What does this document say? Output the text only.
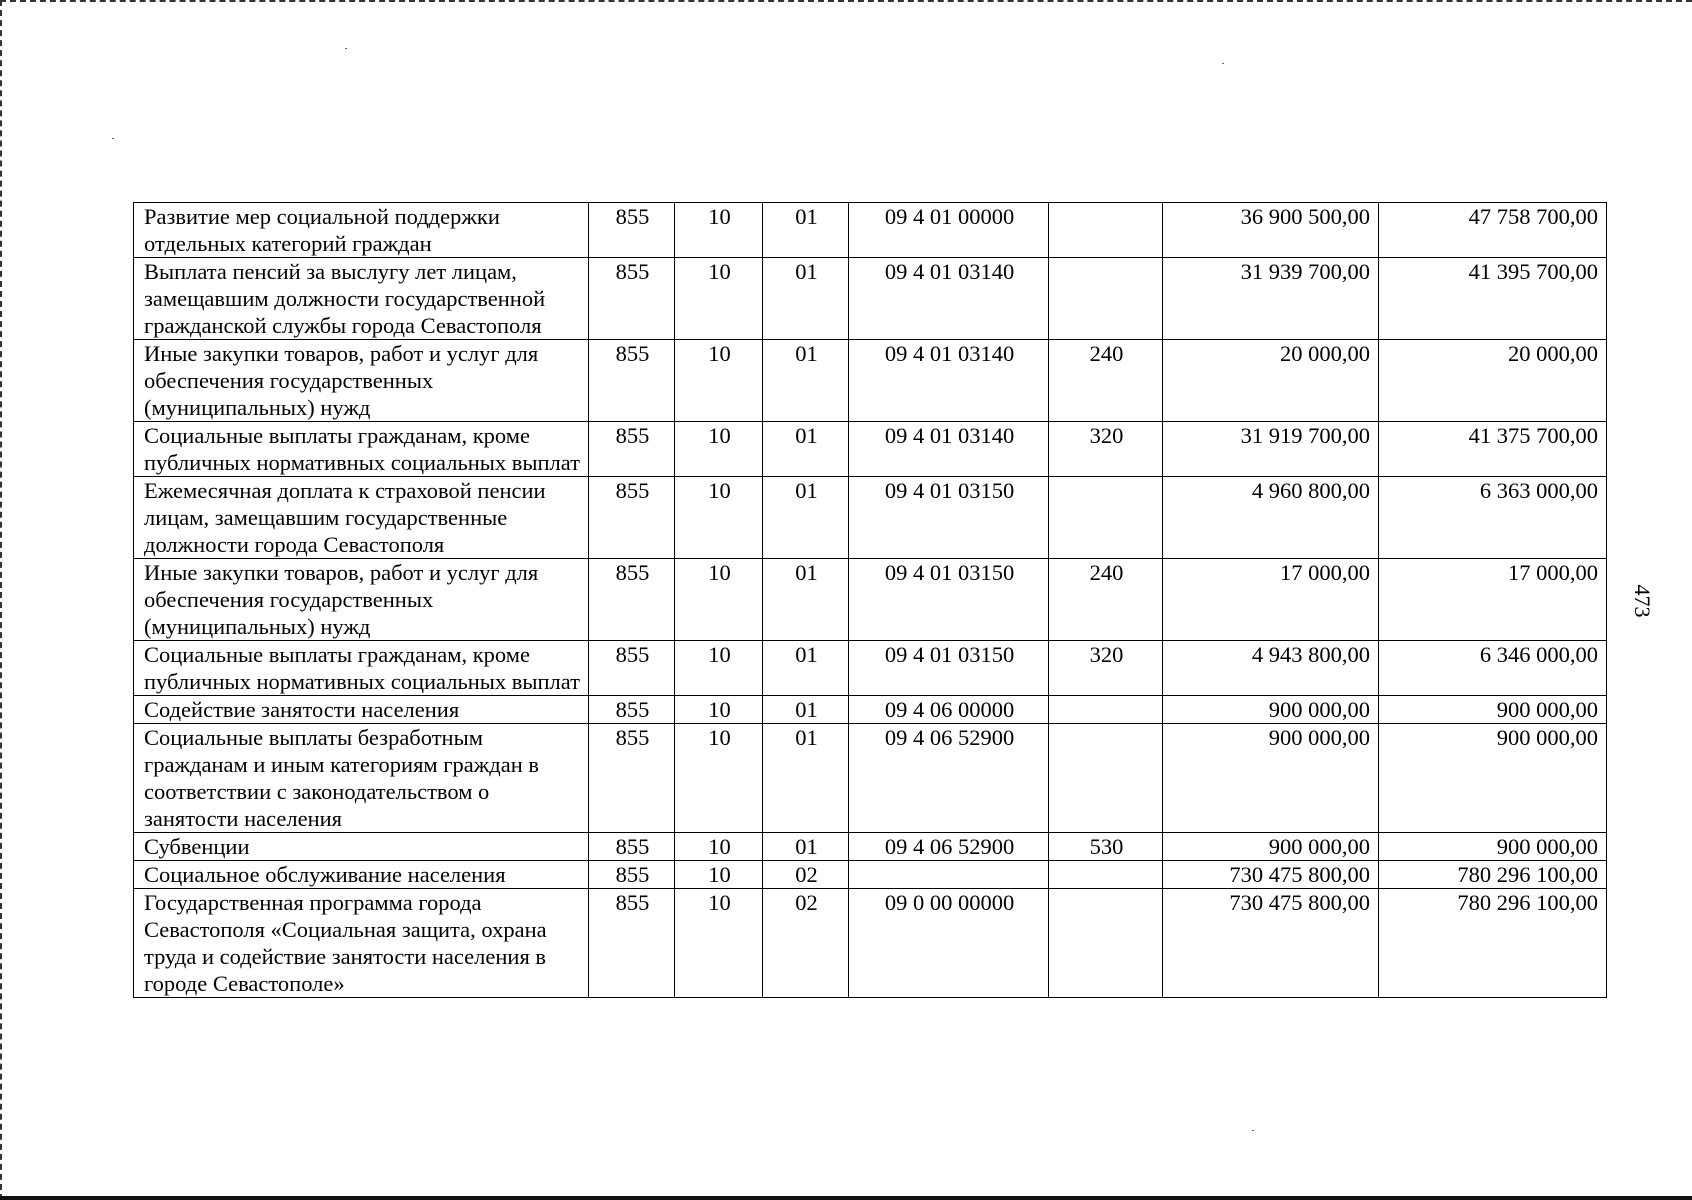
473
Развитие мер социальной поддержки отдельных категорий граждан	855	10	01	09 4 01 00000		36 900 500,00	47 758 700,00
Выплата пенсий за выслугу лет лицам, замещавшим должности государственной гражданской службы города Севастополя	855	10	01	09 4 01 03140		31 939 700,00	41 395 700,00
Иные закупки товаров, работ и услуг для обеспечения государственных (муниципальных) нужд	855	10	01	09 4 01 03140	240	20 000,00	20 000,00
Социальные выплаты гражданам, кроме публичных нормативных социальных выплат	855	10	01	09 4 01 03140	320	31 919 700,00	41 375 700,00
Ежемесячная доплата к страховой пенсии лицам, замещавшим государственные должности города Севастополя	855	10	01	09 4 01 03150		4 960 800,00	6 363 000,00
Иные закупки товаров, работ и услуг для обеспечения государственных (муниципальных) нужд	855	10	01	09 4 01 03150	240	17 000,00	17 000,00
Социальные выплаты гражданам, кроме публичных нормативных социальных выплат	855	10	01	09 4 01 03150	320	4 943 800,00	6 346 000,00
Содействие занятости населения	855	10	01	09 4 06 00000		900 000,00	900 000,00
Социальные выплаты безработным гражданам и иным категориям граждан в соответствии с законодательством о занятости населения	855	10	01	09 4 06 52900		900 000,00	900 000,00
Субвенции	855	10	01	09 4 06 52900	530	900 000,00	900 000,00
Социальное обслуживание населения	855	10	02			730 475 800,00	780 296 100,00
Государственная программа города Севастополя «Социальная защита, охрана труда и содействие занятости населения в городе Севастополе»	855	10	02	09 0 00 00000		730 475 800,00	780 296 100,00
